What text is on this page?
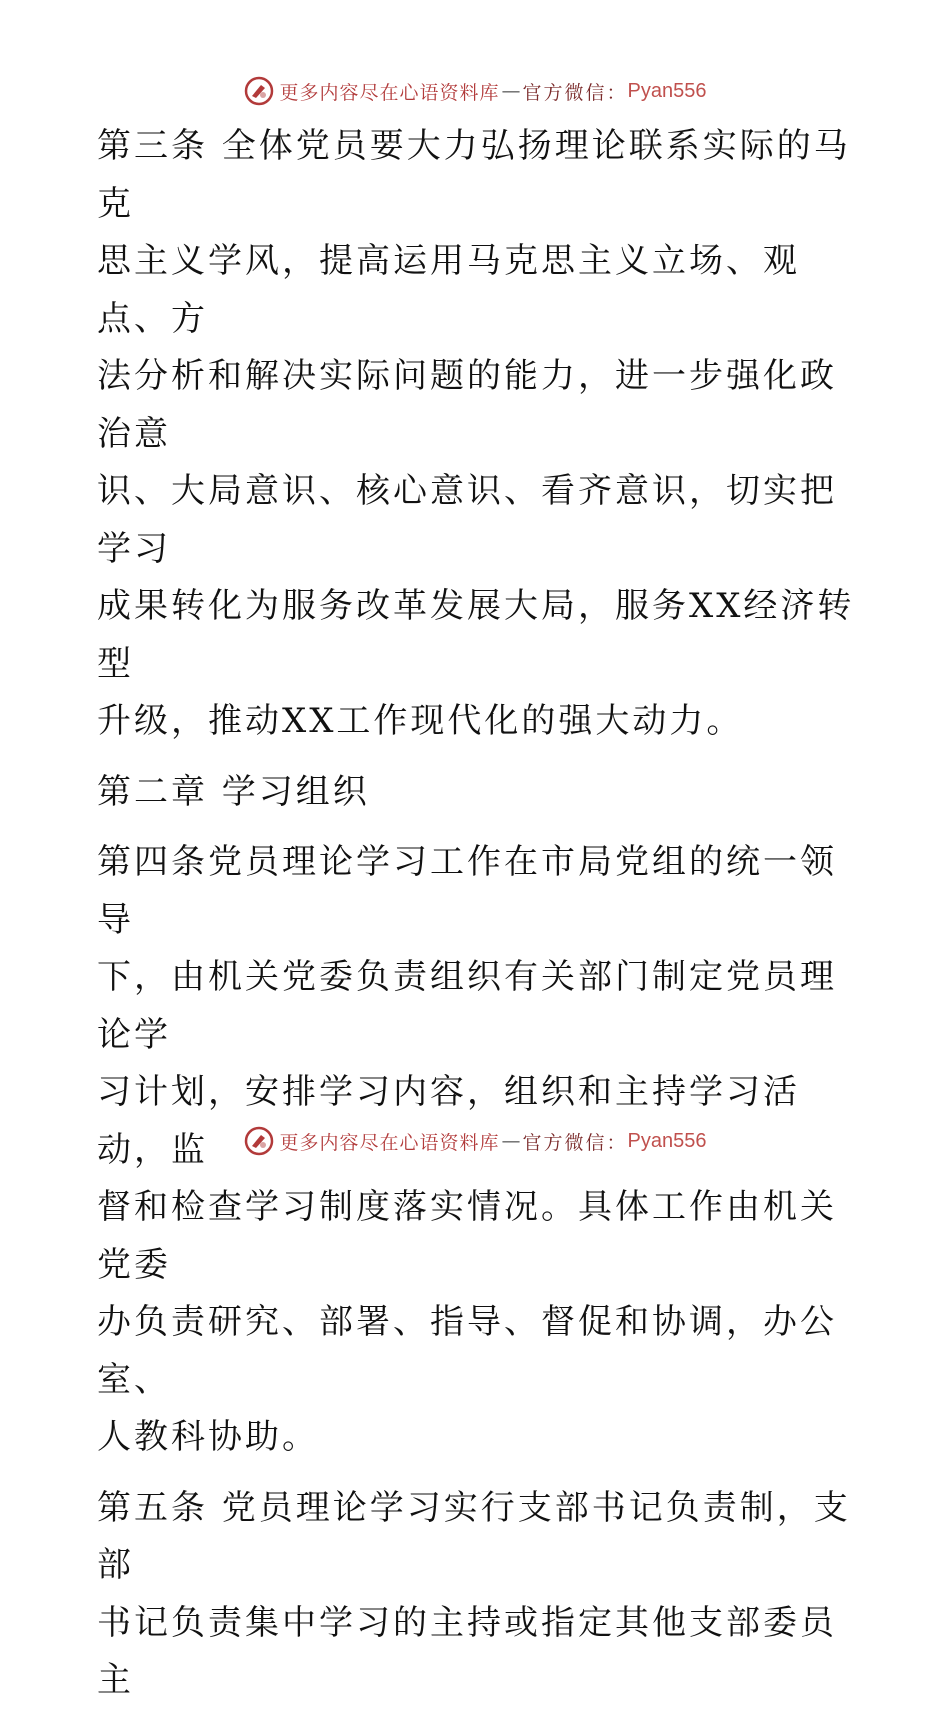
更多内容尽在心语资料库 — 官方微信： Pyan556

第三条 全体党员要大力弘扬理论联系实际的马克
思主义学风，提高运用马克思主义立场、观点、方
法分析和解决实际问题的能力，进一步强化政治意
识、大局意识、核心意识、看齐意识，切实把学习
成果转化为服务改革发展大局，服务XX经济转型
升级，推动XX工作现代化的强大动力。

第二章 学习组织

第四条党员理论学习工作在市局党组的统一领导
下，由机关党委负责组织有关部门制定党员理论学
习计划，安排学习内容，组织和主持学习活动，监
督和检查学习制度落实情况。具体工作由机关党委
办负责研究、部署、指导、督促和协调，办公室、
人教科协助。

第五条 党员理论学习实行支部书记负责制，支部
书记负责集中学习的主持或指定其他支部委员主

更多内容尽在心语资料库 — 官方微信： Pyan556
